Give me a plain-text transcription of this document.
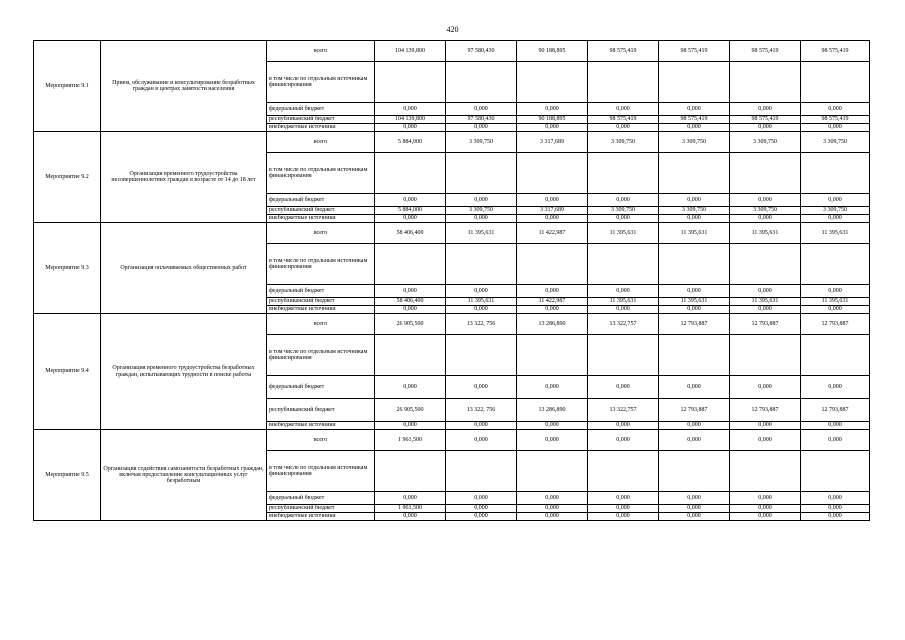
420
Мероприятие 9.1	Прием, обслуживание и консультирование безработных граждан в центрах занятости населения	всего	104 139,800	97 580,430	90 188,895	98 575,419	98 575,419	98 575,419	98 575,419
		в том числе по отдельным источникам финансирования							
		федеральный бюджет	0,000	0,000	0,000	0,000	0,000	0,000	0,000
		республиканский бюджет	104 139,800	97 580,430	90 188,895	98 575,419	98 575,419	98 575,419	98 575,419
		внебюджетные источники	0,000	0,000	0,000	0,000	0,000	0,000	0,000
Мероприятие 9.2	Организация временного трудоустройства несовершеннолетних граждан в возрасте от 14 до 18 лет	всего	5 884,000	3 309,750	3 317,689	3 309,750	3 309,750	3 309,750	3 309,750
		в том числе по отдельным источникам финансирования							
		федеральный бюджет	0,000	0,000	0,000	0,000	0,000	0,000	0,000
		республиканский бюджет	5 884,000	3 309,750	3 317,689	3 309,750	3 309,750	3 309,750	3 309,750
		внебюджетные источники	0,000	0,000	0,000	0,000	0,000	0,000	0,000
Мероприятие 9.3	Организация оплачиваемых общественных работ	всего	58 406,400	11 395,631	11 422,987	11 395,631	11 395,631	11 395,631	11 395,631
		в том числе по отдельным источникам финансирования							
		федеральный бюджет	0,000	0,000	0,000	0,000	0,000	0,000	0,000
		республиканский бюджет	58 406,400	11 395,631	11 422,987	11 395,631	11 395,631	11 395,631	11 395,631
		внебюджетные источники	0,000	0,000	0,000	0,000	0,000	0,000	0,000
Мероприятие 9.4	Организация временного трудоустройства безработных граждан, испытывающих трудности в поиске работы	всего	26 905,500	13 322, 756	13 286,890	13 322,757	12 793,887	12 793,887	12 793,887
		в том числе по отдельным источникам финансирования							
		федеральный бюджет	0,000	0,000	0,000	0,000	0,000	0,000	0,000
		республиканский бюджет	26 905,500	13 322, 756	13 286,890	13 322,757	12 793,887	12 793,887	12 793,887
		внебюджетные источники	0,000	0,000	0,000	0,000	0,000	0,000	0,000
Мероприятие 9.5	Организация содействия самозанятости безработных граждан, включая предоставление консультационных услуг безработным	всего	1 961,500	0,000	0,000	0,000	0,000	0,000	0,000
		в том числе по отдельным источникам финансирования							
		федеральный бюджет	0,000	0,000	0,000	0,000	0,000	0,000	0,000
		республиканский бюджет	1 961,500	0,000	0,000	0,000	0,000	0,000	0,000
		внебюджетные источники	0,000	0,000	0,000	0,000	0,000	0,000	0,000
